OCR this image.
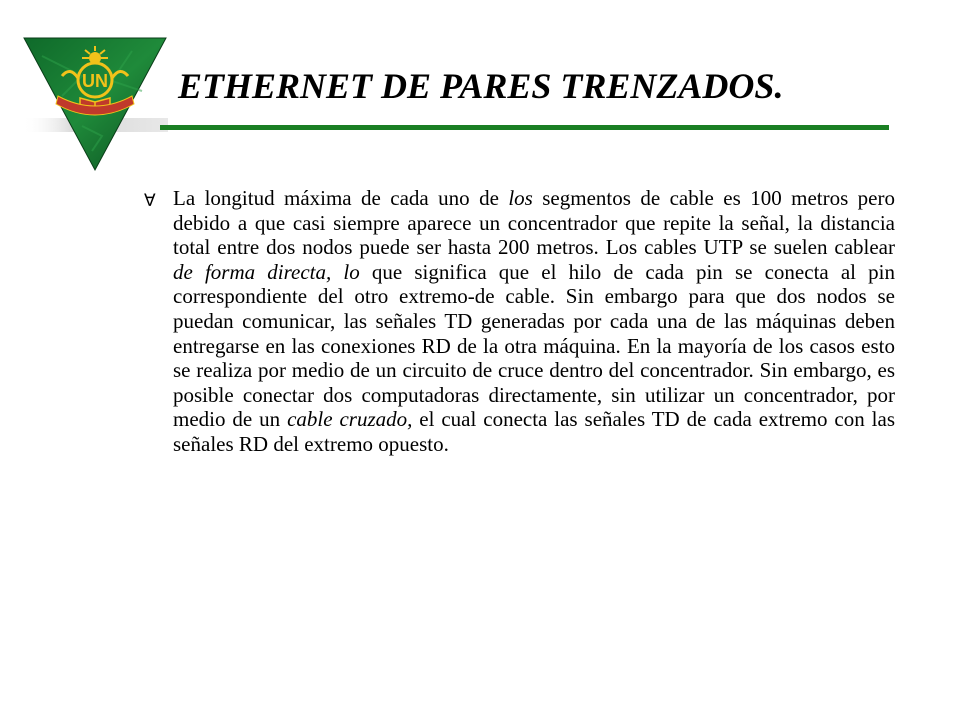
UN ETHERNET DE PARES TRENZADOS.
∀ La longitud máxima de cada uno de los segmentos de cable es 100 metros pero debido a que casi siempre aparece un concentrador que repite la señal, la distancia total entre dos nodos puede ser hasta 200 metros. Los cables UTP se suelen cablear de forma directa, lo que significa que el hilo de cada pin se conecta al pin correspondiente del otro extremo-de cable. Sin embargo para que dos nodos se puedan comunicar, las señales TD generadas por cada una de las máquinas deben entregarse en las conexiones RD de la otra máquina. En la mayoría de los casos esto se realiza por medio de un circuito de cruce dentro del concentrador. Sin embargo, es posible conectar dos computadoras directamente, sin utilizar un concentrador, por medio de un cable cruzado, el cual conecta las señales TD de cada extremo con las señales RD del extremo opuesto.
